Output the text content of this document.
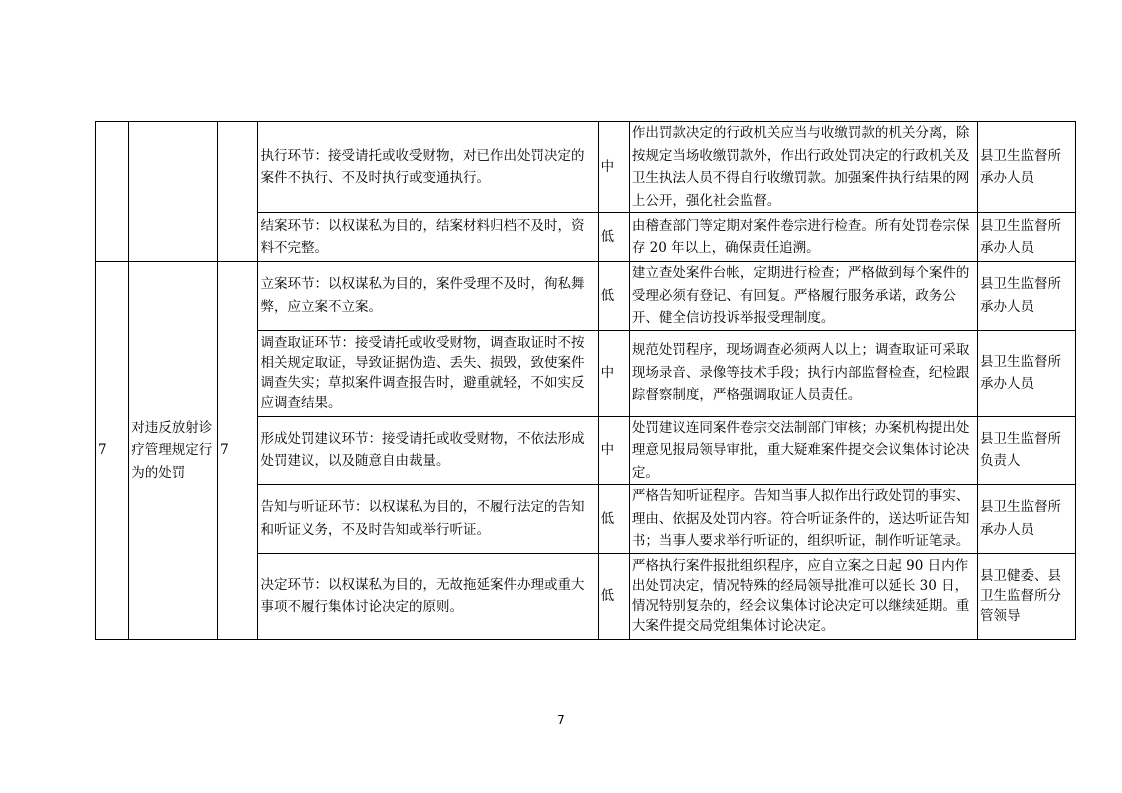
			执行环节：接受请托或收受财物，对已作出处罚决定的案件不执行、不及时执行或变通执行。	中	作出罚款决定的行政机关应当与收缴罚款的机关分离，除按规定当场收缴罚款外，作出行政处罚决定的行政机关及卫生执法人员不得自行收缴罚款。加强案件执行结果的网上公开，强化社会监督。	县卫生监督所承办人员
			结案环节：以权谋私为目的，结案材料归档不及时，资料不完整。	低	由稽查部门等定期对案件卷宗进行检查。所有处罚卷宗保存 20 年以上，确保责任追溯。	县卫生监督所承办人员
7	对违反放射诊疗管理规定行为的处罚	7	立案环节：以权谋私为目的，案件受理不及时，徇私舞弊，应立案不立案。	低	建立查处案件台帐，定期进行检查；严格做到每个案件的受理必须有登记、有回复。严格履行服务承诺，政务公开、健全信访投诉举报受理制度。	县卫生监督所承办人员
			调查取证环节：接受请托或收受财物，调查取证时不按相关规定取证，导致证据伪造、丢失、损毁，致使案件调查失实；草拟案件调查报告时，避重就轻，不如实反应调查结果。	中	规范处罚程序，现场调查必须两人以上；调查取证可采取现场录音、录像等技术手段；执行内部监督检查，纪检跟踪督察制度，严格强调取证人员责任。	县卫生监督所承办人员
			形成处罚建议环节：接受请托或收受财物，不依法形成处罚建议，以及随意自由裁量。	中	处罚建议连同案件卷宗交法制部门审核；办案机构提出处理意见报局领导审批，重大疑难案件提交会议集体讨论决定。	县卫生监督所负责人
			告知与听证环节：以权谋私为目的，不履行法定的告知和听证义务，不及时告知或举行听证。	低	严格告知听证程序。告知当事人拟作出行政处罚的事实、理由、依据及处罚内容。符合听证条件的，送达听证告知书；当事人要求举行听证的，组织听证，制作听证笔录。	县卫生监督所承办人员
			决定环节：以权谋私为目的，无故拖延案件办理或重大事项不履行集体讨论决定的原则。	低	严格执行案件报批组织程序，应自立案之日起 90 日内作出处罚决定，情况特殊的经局领导批准可以延长 30 日，情况特别复杂的，经会议集体讨论决定可以继续延期。重大案件提交局党组集体讨论决定。	县卫健委、县卫生监督所分管领导
7
